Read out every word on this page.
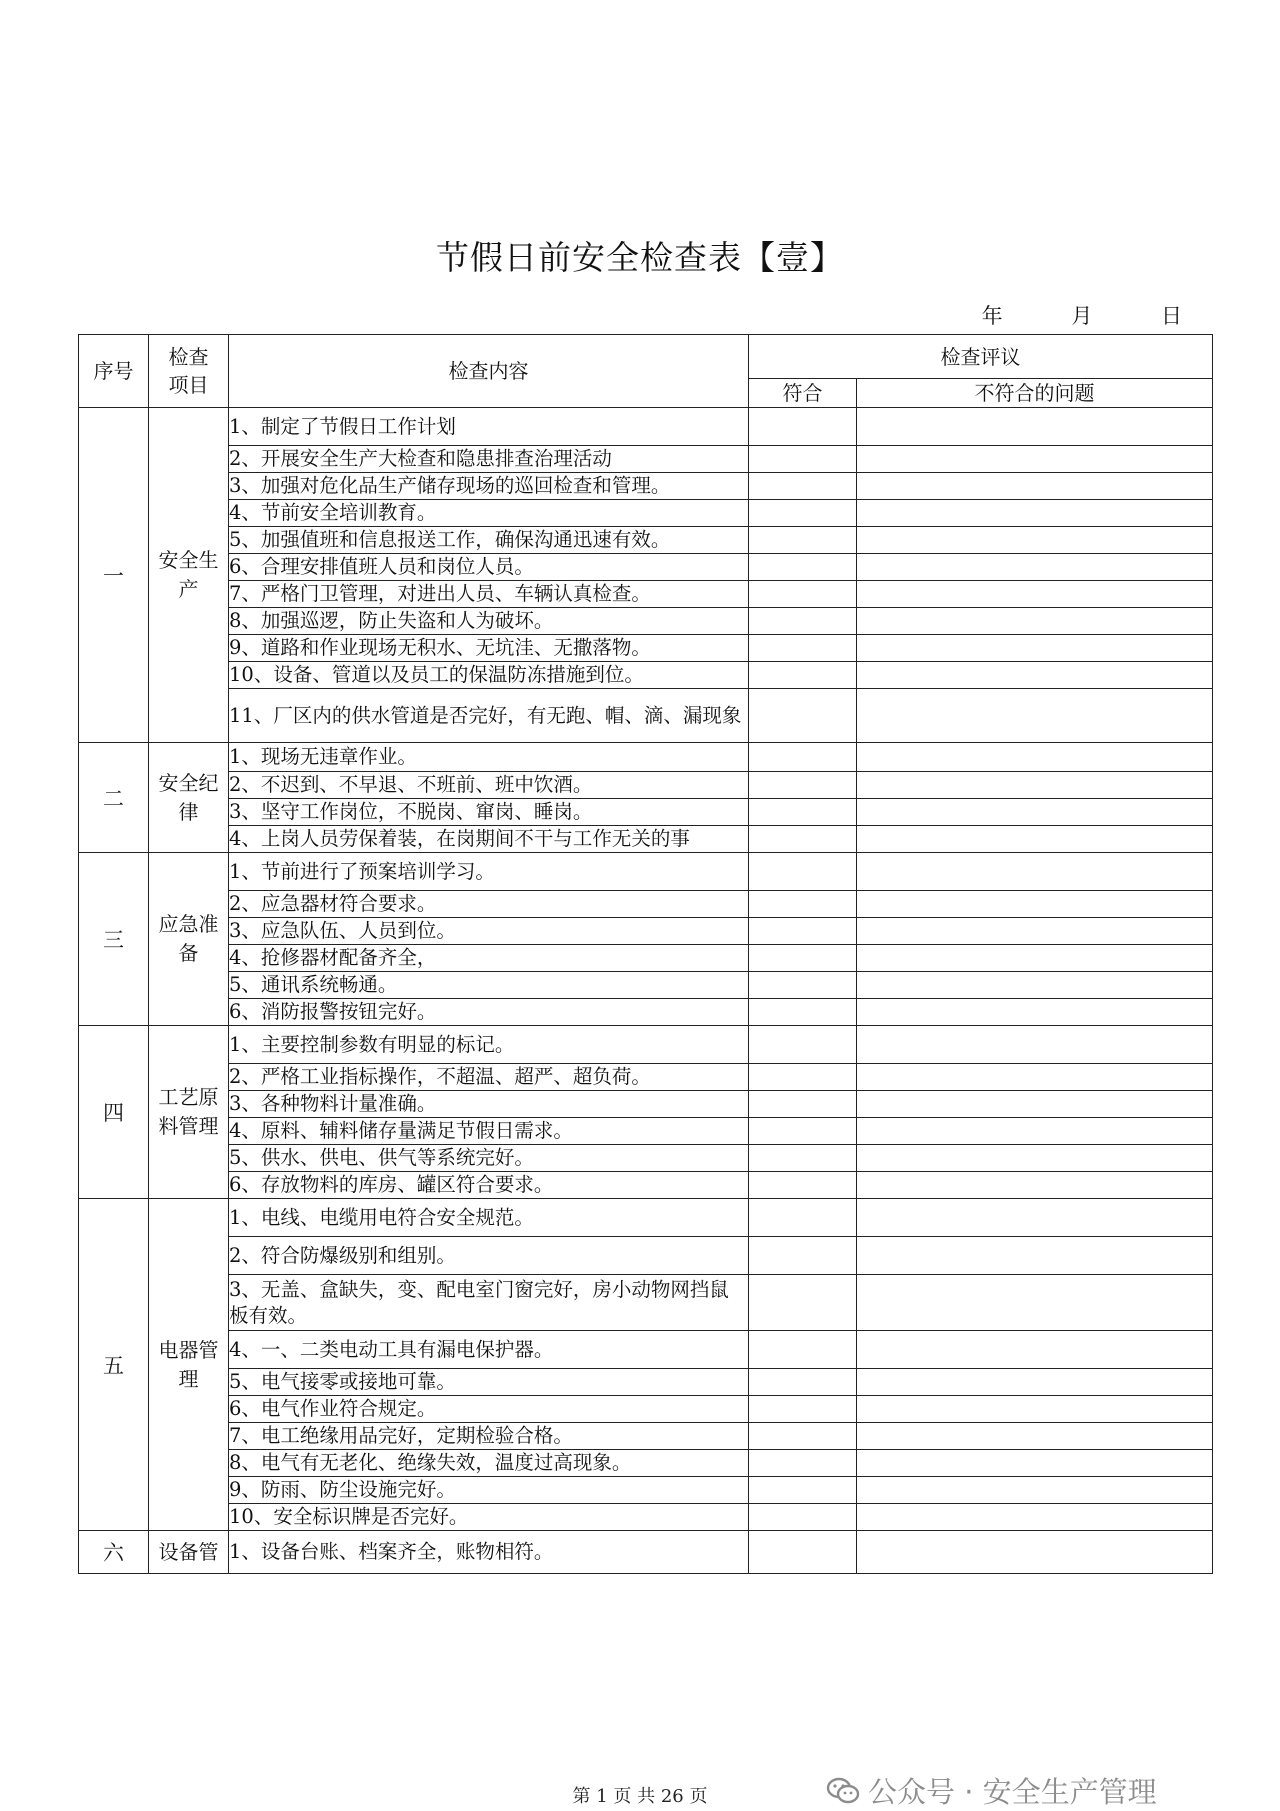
节假日前安全检查表【壹】
年	月	日
序号	检查
项目	检查内容	检查评议	
			符合	不符合的问题
一	安全生产	1、制定了节假日工作计划		
		2、开展安全生产大检查和隐患排查治理活动		
		3、加强对危化品生产储存现场的巡回检查和管理。		
		4、节前安全培训教育。		
		5、加强值班和信息报送工作，确保沟通迅速有效。		
		6、合理安排值班人员和岗位人员。		
		7、严格门卫管理，对进出人员、车辆认真检查。		
		8、加强巡逻，防止失盗和人为破坏。		
		9、道路和作业现场无积水、无坑洼、无撒落物。		
		10、设备、管道以及员工的保温防冻措施到位。		
		11、厂区内的供水管道是否完好，有无跑、帽、滴、漏现象		
二	安全纪律	1、现场无违章作业。		
		2、不迟到、不早退、不班前、班中饮酒。		
		3、坚守工作岗位，不脱岗、窜岗、睡岗。		
		4、上岗人员劳保着装，在岗期间不干与工作无关的事		
三	应急准备	1、节前进行了预案培训学习。		
		2、应急器材符合要求。		
		3、应急队伍、人员到位。		
		4、抢修器材配备齐全，		
		5、通讯系统畅通。		
		6、消防报警按钮完好。		
四	工艺原料管理	1、主要控制参数有明显的标记。		
		2、严格工业指标操作，不超温、超严、超负荷。		
		3、各种物料计量准确。		
		4、原料、辅料储存量满足节假日需求。		
		5、供水、供电、供气等系统完好。		
		6、存放物料的库房、罐区符合要求。		
五	电器管理	1、电线、电缆用电符合安全规范。		
		2、符合防爆级别和组别。		
		3、无盖、盒缺失，变、配电室门窗完好，房小动物网挡鼠板有效。		
		4、一、二类电动工具有漏电保护器。		
		5、电气接零或接地可靠。		
		6、电气作业符合规定。		
		7、电工绝缘用品完好，定期检验合格。		
		8、电气有无老化、绝缘失效，温度过高现象。		
		9、防雨、防尘设施完好。		
		10、安全标识牌是否完好。		
六	设备管	1、设备台账、档案齐全，账物相符。		
第 1 页 共 26 页	公众号 · 安全生产管理
